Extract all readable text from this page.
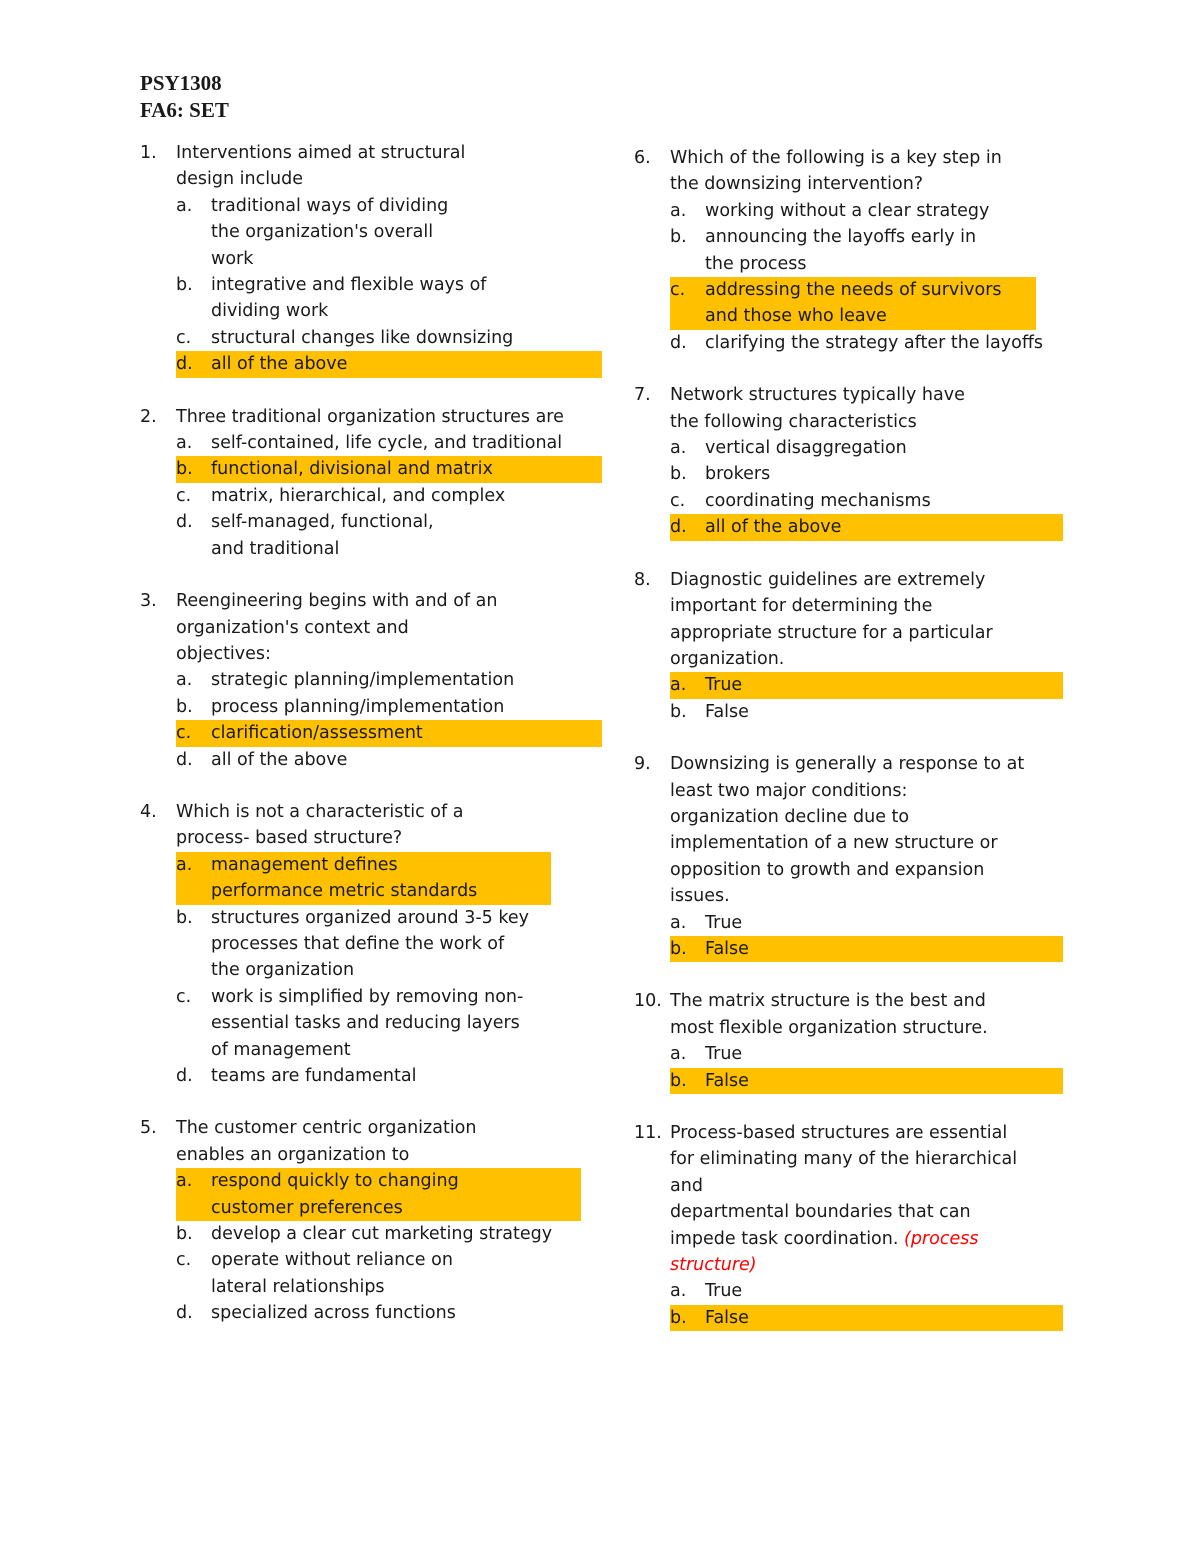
PSY1308
FA6: SET
1. Interventions aimed at structural
design include
a. traditional ways of dividing
the organization's overall
work
b. integrative and flexible ways of
dividing work
c. structural changes like downsizing
d. all of the above
2. Three traditional organization structures are
a. self-contained, life cycle, and traditional
b. functional, divisional and matrix
c. matrix, hierarchical, and complex
d. self-managed, functional,
and traditional
3. Reengineering begins with and of an
organization's context and
objectives:
a. strategic planning/implementation
b. process planning/implementation
c. clarification/assessment
d. all of the above
4. Which is not a characteristic of a
process- based structure?
a. management defines
performance metric standards
b. structures organized around 3-5 key
processes that define the work of
the organization
c. work is simplified by removing non-
essential tasks and reducing layers
of management
d. teams are fundamental
5. The customer centric organization
enables an organization to
a. respond quickly to changing
customer preferences
b. develop a clear cut marketing strategy
c. operate without reliance on
lateral relationships
d. specialized across functions
6. Which of the following is a key step in
the downsizing intervention?
a. working without a clear strategy
b. announcing the layoffs early in
the process
c. addressing the needs of survivors
and those who leave
d. clarifying the strategy after the layoffs
7. Network structures typically have
the following characteristics
a. vertical disaggregation
b. brokers
c. coordinating mechanisms
d. all of the above
8. Diagnostic guidelines are extremely
important for determining the
appropriate structure for a particular
organization.
a. True
b. False
9. Downsizing is generally a response to at
least two major conditions:
organization decline due to
implementation of a new structure or
opposition to growth and expansion
issues.
a. True
b. False
10. The matrix structure is the best and
most flexible organization structure.
a. True
b. False
11. Process-based structures are essential
for eliminating many of the hierarchical
and
departmental boundaries that can
impede task coordination. (process
structure)
a. True
b. False
